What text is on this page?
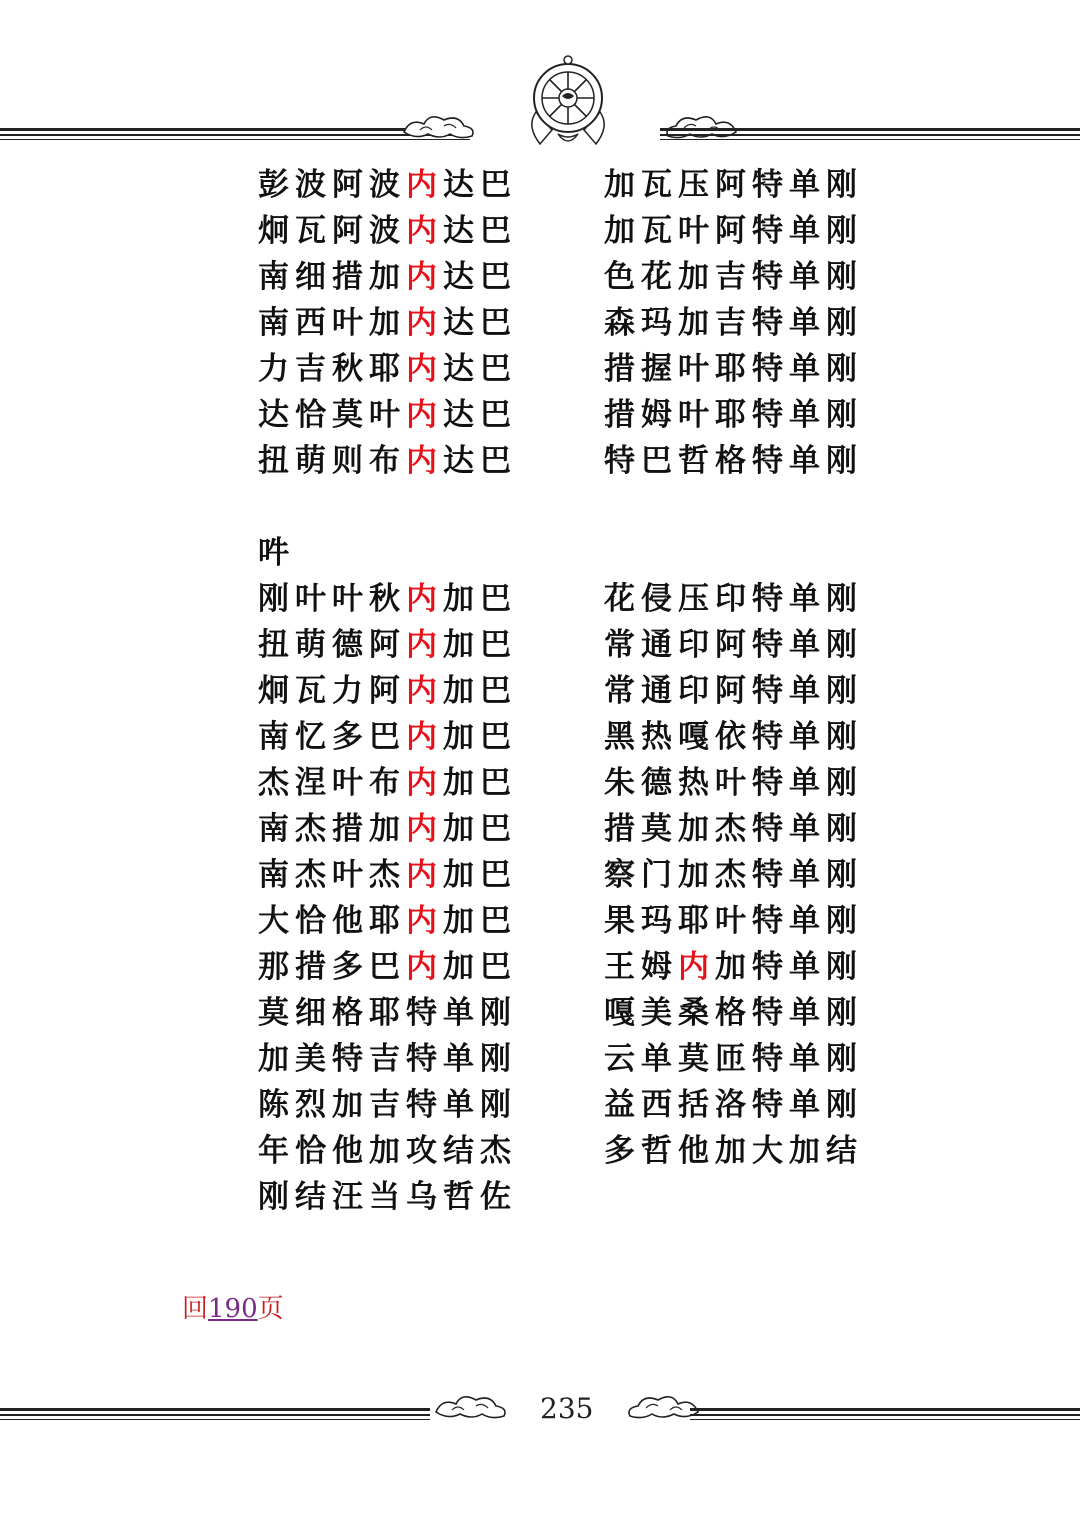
彭波阿波内达巴
炯瓦阿波内达巴
南细措加内达巴
南西叶加内达巴
力吉秋耶内达巴
达恰莫叶内达巴
扭萌则布内达巴
吽
刚叶叶秋内加巴
扭萌德阿内加巴
炯瓦力阿内加巴
南忆多巴内加巴
杰涅叶布内加巴
南杰措加内加巴
南杰叶杰内加巴
大恰他耶内加巴
那措多巴内加巴
莫细格耶特单刚
加美特吉特单刚
陈烈加吉特单刚
年恰他加攻结杰
刚结汪当乌哲佐
加瓦压阿特单刚
加瓦叶阿特单刚
色花加吉特单刚
森玛加吉特单刚
措握叶耶特单刚
措姆叶耶特单刚
特巴哲格特单刚
花侵压印特单刚
常通印阿特单刚
常通印阿特单刚
黑热嘎依特单刚
朱德热叶特单刚
措莫加杰特单刚
察门加杰特单刚
果玛耶叶特单刚
王姆内加特单刚
嘎美桑格特单刚
云单莫匝特单刚
益西括洛特单刚
多哲他加大加结
回190页
235
